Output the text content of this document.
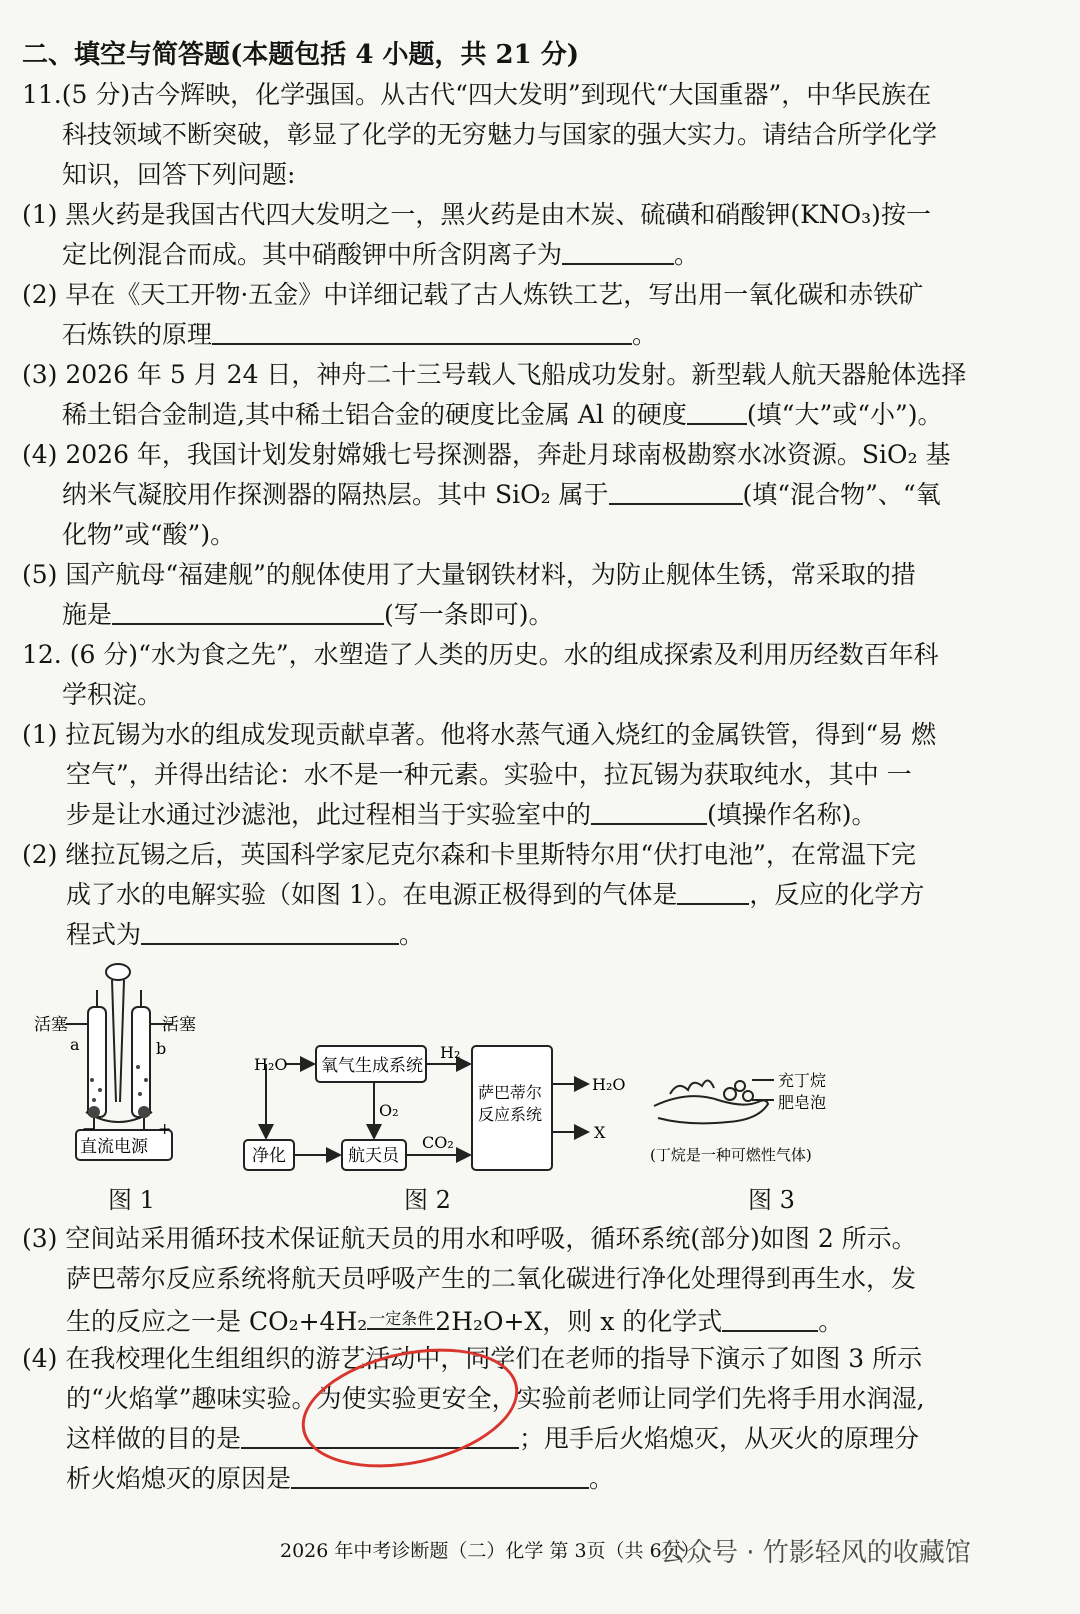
二、填空与简答题(本题包括 4 小题，共 21 分)
11.(5 分)古今辉映，化学强国。从古代“四大发明”到现代“大国重器”，中华民族在
科技领域不断突破，彰显了化学的无穷魅力与国家的强大实力。请结合所学化学
知识，回答下列问题:
(1) 黑火药是我国古代四大发明之一，黑火药是由木炭、硫磺和硝酸钾(KNO₃)按一
定比例混合而成。其中硝酸钾中所含阴离子为	。
(2) 早在《天工开物·五金》中详细记载了古人炼铁工艺，写出用一氧化碳和赤铁矿
石炼铁的原理	。
(3) 2026 年 5 月 24 日，神舟二十三号载人飞船成功发射。新型载人航天器舱体选择
稀土铝合金制造,其中稀土铝合金的硬度比金属 Al 的硬度 (填“大”或“小”)。
(4) 2026 年，我国计划发射嫦娥七号探测器，奔赴月球南极勘察水冰资源。SiO₂ 基
纳米气凝胶用作探测器的隔热层。其中 SiO₂ 属于	(填“混合物”、“氧
化物”或“酸”)。
(5) 国产航母“福建舰”的舰体使用了大量钢铁材料，为防止舰体生锈，常采取的措
施是	(写一条即可)。
12. (6 分)“水为食之先”，水塑造了人类的历史。水的组成探索及利用历经数百年科
学积淀。
(1) 拉瓦锡为水的组成发现贡献卓著。他将水蒸气通入烧红的金属铁管，得到“易 燃
空气”，并得出结论：水不是一种元素。实验中，拉瓦锡为获取纯水，其中 一
步是让水通过沙滤池，此过程相当于实验室中的	(填操作名称)。
(2) 继拉瓦锡之后，英国科学家尼克尔森和卡里斯特尔用“伏打电池”，在常温下完
成了水的电解实验（如图 1）。在电源正极得到的气体是	，反应的化学方
程式为	。
活塞	活塞
a	b
−	+
直流电源
图 1
H₂O 氧气生成系统
H₂
O₂
净化	航天员
CO₂
萨巴蒂尔
反应系统
H₂O
X
图 2
充丁烷
肥皂泡
(丁烷是一种可燃性气体)
图 3
(3) 空间站采用循环技术保证航天员的用水和呼吸，循环系统(部分)如图 2 所示。
萨巴蒂尔反应系统将航天员呼吸产生的二氧化碳进行净化处理得到再生水，发
生的反应之一是 CO₂+4H₂ $^{一定条件}$2H₂O+X，则 x 的化学式	。
(4) 在我校理化生组组织的游艺活动中，同学们在老师的指导下演示了如图 3 所示
的“火焰掌”趣味实验。为使实验更安全，实验前老师让同学们先将手用水润湿,
这样做的目的是	；甩手后火焰熄灭，从灭火的原理分
析火焰熄灭的原因是	。
2026 年中考诊断题（二）化学 第 3页（共 6页）
公众号 · 竹影轻风的收藏馆
